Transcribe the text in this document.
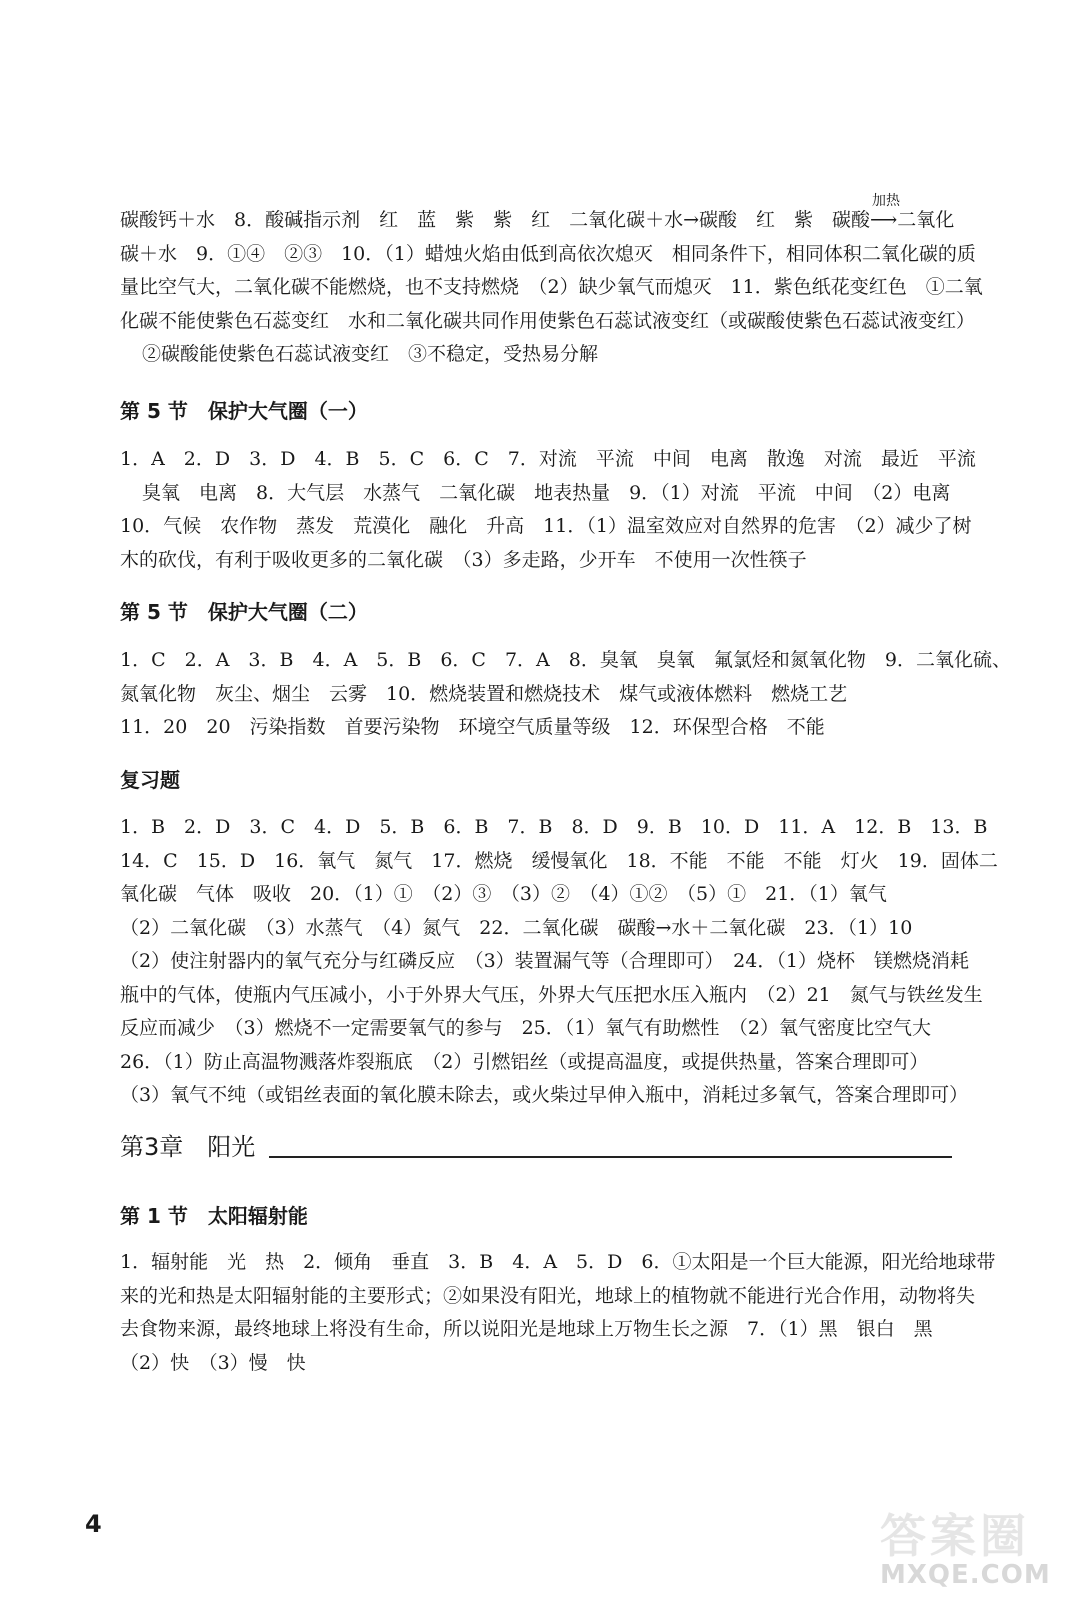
碳酸钙＋水　8．酸碱指示剂　红　蓝　紫　紫　红　二氧化碳＋水→碳酸　红　紫　碳酸
加热
⟶二氧化

碳＋水　9．①④　②③　10．（1）蜡烛火焰由低到高依次熄灭　相同条件下，相同体积二氧化碳的质

量比空气大，二氧化碳不能燃烧，也不支持燃烧　（2）缺少氧气而熄灭　11．紫色纸花变红色　①二氧

化碳不能使紫色石蕊变红　水和二氧化碳共同作用使紫色石蕊试液变红（或碳酸使紫色石蕊试液变红）

②碳酸能使紫色石蕊试液变红　③不稳定，受热易分解

第 5 节　保护大气圈（一）

1．A　2．D　3．D　4．B　5．C　6．C　7．对流　平流　中间　电离　散逸　对流　最近　平流

臭氧　电离　8．大气层　水蒸气　二氧化碳　地表热量　9．（1）对流　平流　中间　（2）电离

10．气候　农作物　蒸发　荒漠化　融化　升高　11．（1）温室效应对自然界的危害　（2）减少了树

木的砍伐，有利于吸收更多的二氧化碳　（3）多走路，少开车　不使用一次性筷子

第 5 节　保护大气圈（二）

1．C　2．A　3．B　4．A　5．B　6．C　7．A　8．臭氧　臭氧　氟氯烃和氮氧化物　9．二氧化硫、

氮氧化物　灰尘、烟尘　云雾　10．燃烧装置和燃烧技术　煤气或液体燃料　燃烧工艺

11．20　20　污染指数　首要污染物　环境空气质量等级　12．环保型合格　不能

复习题

1．B　2．D　3．C　4．D　5．B　6．B　7．B　8．D　9．B　10．D　11．A　12．B　13．B

14．C　15．D　16．氧气　氮气　17．燃烧　缓慢氧化　18．不能　不能　不能　灯火　19．固体二

氧化碳　气体　吸收　20．（1）①　（2）③　（3）②　（4）①②　（5）①　21．（1）氧气

（2）二氧化碳　（3）水蒸气　（4）氮气　22．二氧化碳　碳酸→水＋二氧化碳　23．（1）10

（2）使注射器内的氧气充分与红磷反应　（3）装置漏气等（合理即可）　24．（1）烧杯　镁燃烧消耗

瓶中的气体，使瓶内气压减小，小于外界大气压，外界大气压把水压入瓶内　（2）21　氮气与铁丝发生

反应而减少　（3）燃烧不一定需要氧气的参与　25．（1）氧气有助燃性　（2）氧气密度比空气大

26．（1）防止高温物溅落炸裂瓶底　（2）引燃铝丝（或提高温度，或提供热量，答案合理即可）

（3）氧气不纯（或铝丝表面的氧化膜未除去，或火柴过早伸入瓶中，消耗过多氧气，答案合理即可）

第3章　阳光
第 1 节　太阳辐射能

1．辐射能　光　热　2．倾角　垂直　3．B　4．A　5．D　6．①太阳是一个巨大能源，阳光给地球带

来的光和热是太阳辐射能的主要形式；②如果没有阳光，地球上的植物就不能进行光合作用，动物将失

去食物来源，最终地球上将没有生命，所以说阳光是地球上万物生长之源　7．（1）黑　银白　黑

（2）快　（3）慢　快

4	答案圈
MXQE.COM
